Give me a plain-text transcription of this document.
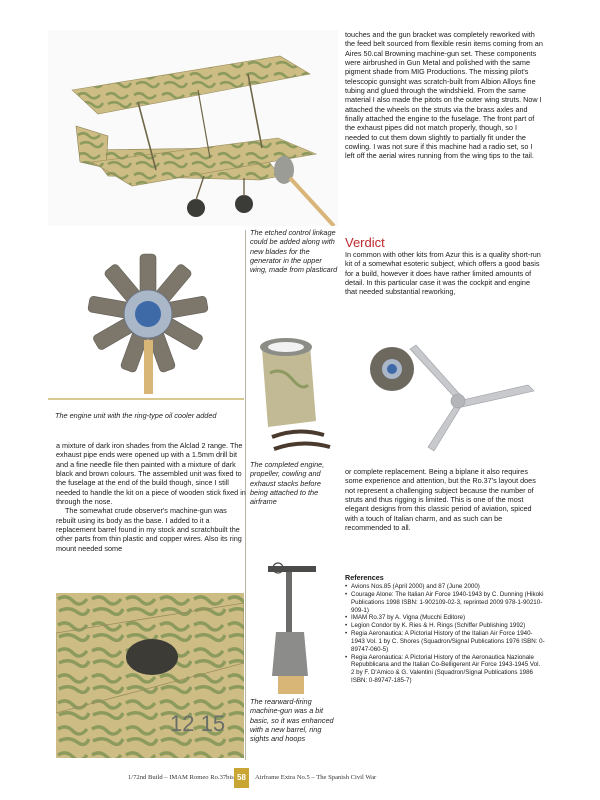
The etched control linkage could be added along with new blades for the generator in the upper wing, made from plasticard
The engine unit with the ring-type oil cooler added
The completed engine, propeller, cowling and exhaust stacks before being attached to the airframe
The rearward-firing machine-gun was a bit basic, so it was enhanced with a new barrel, ring sights and hoops

touches and the gun bracket was completely reworked with the feed belt sourced from flexible resin items coming from an Aires 50.cal Browning machine-gun set. These components were airbrushed in Gun Metal and polished with the same pigment shade from MIG Productions. The missing pilot's telescopic gunsight was scratch-built from Albion Alloys fine tubing and glued through the windshield. From the same material I also made the pitots on the outer wing struts. Now I attached the wheels on the struts via the brass axles and finally attached the engine to the fuselage. The front part of the exhaust pipes did not match properly, though, so I needed to cut them down slightly to partially fit under the cowling. I was not sure if this machine had a radio set, so I left off the aerial wires running from the wing tips to the tail.

Verdict

In common with other kits from Azur this is a quality short-run kit of a somewhat esoteric subject, which offers a good basis for a build, however it does have rather limited amounts of detail. In this particular case it was the cockpit and engine that needed substantial reworking,

a mixture of dark iron shades from the Alclad 2 range. The exhaust pipe ends were opened up with a 1.5mm drill bit and a fine needle file then painted with a mixture of dark black and brown colours. The assembled unit was fixed to the fuselage at the end of the build though, since I still needed to handle the kit on a piece of wooden stick fixed in through the nose.

The somewhat crude observer's machine-gun was rebuilt using its body as the base. I added to it a replacement barrel found in my stock and scratchbuilt the other parts from thin plastic and copper wires. Also its ring mount needed some

12 15

or complete replacement. Being a biplane it also requires some experience and attention, but the Ro.37's layout does not represent a challenging subject because the number of struts and thus rigging is limited. This is one of the most elegant designs from this classic period of aviation, spiced with a touch of Italian charm, and as such can be recommended to all.

References
• Avions Nos.85 (April 2000) and 87 (June 2000)
• Courage Alone: The Italian Air Force 1940-1943 by C. Dunning (Hikoki Publications 1998 ISBN: 1-902109-02-3, reprinted 2009 978-1-90210-909-1)
• IMAM Ro.37 by A. Vigna (Mucchi Editore)
• Legion Condor by K. Ries & H. Rings (Schiffer Publishing 1992)
• Regia Aeronautica: A Pictorial History of the Italian Air Force 1940-1943 Vol. 1 by C. Shores (Squadron/Signal Publications 1976 ISBN: 0-89747-060-5)
• Regia Aeronautica: A Pictorial History of the Aeronautica Nazionale Repubblicana and the Italian Co-Belligerent Air Force 1943-1945 Vol. 2 by F. D'Amico & G. Valentini (Squadron/Signal Publications 1986 ISBN: 0-89747-185-7)
1/72nd Build – IMAM Romeo Ro.37bis 58	Airframe Extra No.5 – The Spanish Civil War
